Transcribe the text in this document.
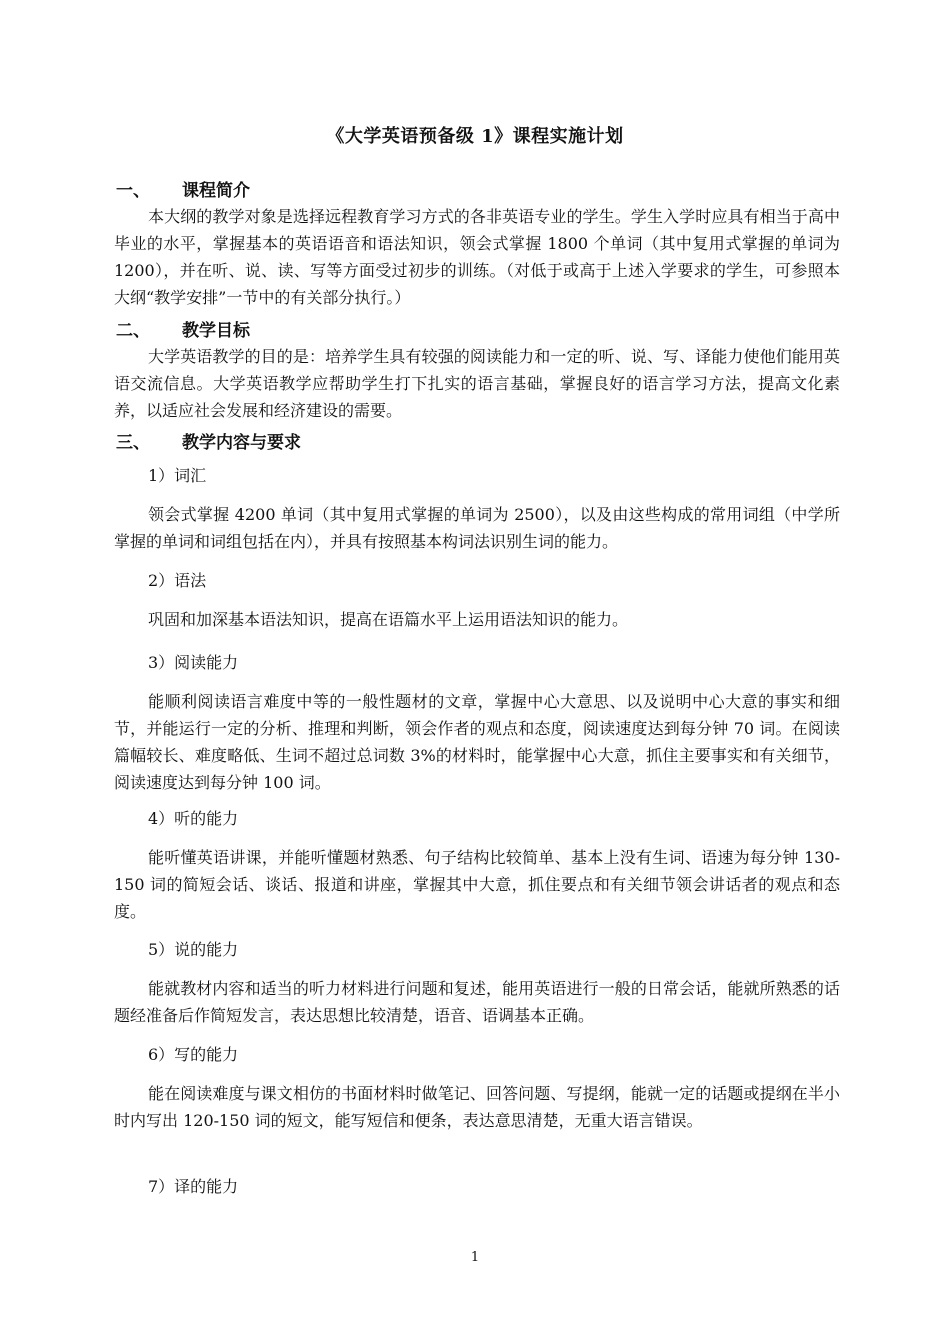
《大学英语预备级 1》课程实施计划
一、 课程简介

本大纲的教学对象是选择远程教育学习方式的各非英语专业的学生。学生入学时应具有相当于高中毕业的水平，掌握基本的英语语音和语法知识，领会式掌握 1800 个单词（其中复用式掌握的单词为 1200），并在听、说、读、写等方面受过初步的训练。（对低于或高于上述入学要求的学生，可参照本大纲“教学安排”一节中的有关部分执行。）

二、 教学目标

大学英语教学的目的是：培养学生具有较强的阅读能力和一定的听、说、写、译能力使他们能用英语交流信息。大学英语教学应帮助学生打下扎实的语言基础，掌握良好的语言学习方法，提高文化素养，以适应社会发展和经济建设的需要。

三、 教学内容与要求
1）词汇

领会式掌握 4200 单词（其中复用式掌握的单词为 2500），以及由这些构成的常用词组（中学所掌握的单词和词组包括在内），并具有按照基本构词法识别生词的能力。

2）语法

巩固和加深基本语法知识，提高在语篇水平上运用语法知识的能力。

3）阅读能力

能顺利阅读语言难度中等的一般性题材的文章，掌握中心大意思、以及说明中心大意的事实和细节，并能运行一定的分析、推理和判断，领会作者的观点和态度，阅读速度达到每分钟 70 词。在阅读篇幅较长、难度略低、生词不超过总词数 3%的材料时，能掌握中心大意，抓住主要事实和有关细节，阅读速度达到每分钟 100 词。

4）听的能力

能听懂英语讲课，并能听懂题材熟悉、句子结构比较简单、基本上没有生词、语速为每分钟 130-150 词的简短会话、谈话、报道和讲座，掌握其中大意，抓住要点和有关细节领会讲话者的观点和态度。

5）说的能力

能就教材内容和适当的听力材料进行问题和复述，能用英语进行一般的日常会话，能就所熟悉的话题经准备后作简短发言，表达思想比较清楚，语音、语调基本正确。

6）写的能力

能在阅读难度与课文相仿的书面材料时做笔记、回答问题、写提纲，能就一定的话题或提纲在半小时内写出 120-150 词的短文，能写短信和便条，表达意思清楚，无重大语言错误。

7）译的能力
1
